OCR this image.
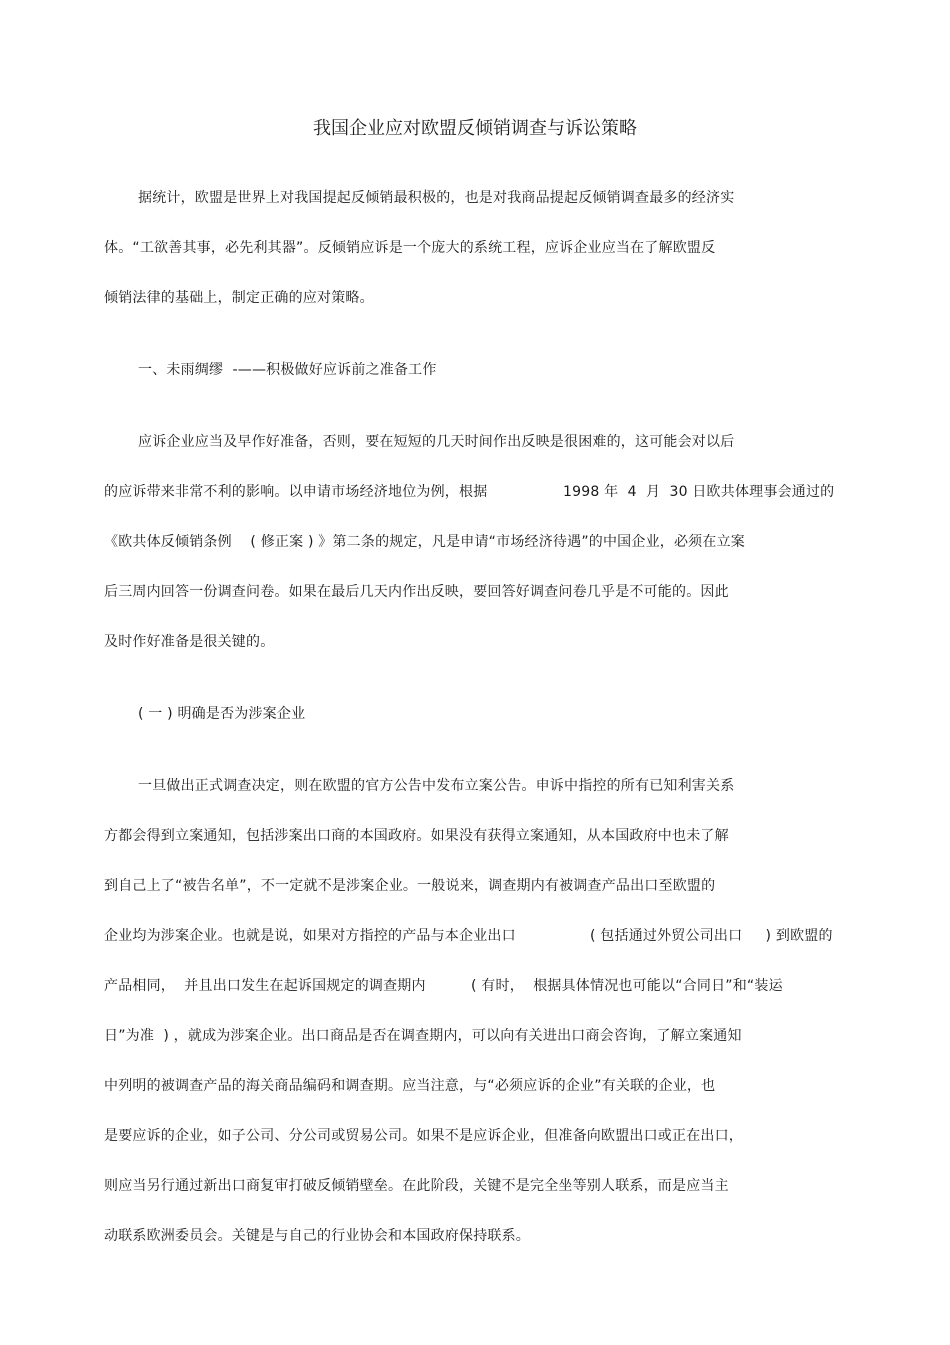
我国企业应对欧盟反倾销调查与诉讼策略
据统计，欧盟是世界上对我国提起反倾销最积极的，也是对我商品提起反倾销调查最多的经济实
体。“工欲善其事，必先利其器”。反倾销应诉是一个庞大的系统工程，应诉企业应当在了解欧盟反
倾销法律的基础上，制定正确的应对策略。
一、未雨绸缪  -——积极做好应诉前之准备工作
应诉企业应当及早作好准备，否则，要在短短的几天时间作出反映是很困难的，这可能会对以后
的应诉带来非常不利的影响。以申请市场经济地位为例，根据	1998 年  4  月  30 日欧共体理事会通过的
《欧共体反倾销条例    ( 修正案 ) 》第二条的规定，凡是申请“市场经济待遇”的中国企业，必须在立案
后三周内回答一份调查问卷。如果在最后几天内作出反映，要回答好调查问卷几乎是不可能的。因此
及时作好准备是很关键的。
( 一 ) 明确是否为涉案企业
一旦做出正式调查决定，则在欧盟的官方公告中发布立案公告。申诉中指控的所有已知利害关系
方都会得到立案通知，包括涉案出口商的本国政府。如果没有获得立案通知，从本国政府中也未了解
到自己上了“被告名单”，不一定就不是涉案企业。一般说来，调查期内有被调查产品出口至欧盟的
企业均为涉案企业。也就是说，如果对方指控的产品与本企业出口	( 包括通过外贸公司出口     ) 到欧盟的
产品相同，  并且出口发生在起诉国规定的调查期内	( 有时，  根据具体情况也可能以“合同日”和“装运
日”为准  ) ，就成为涉案企业。出口商品是否在调查期内，可以向有关进出口商会咨询，了解立案通知
中列明的被调查产品的海关商品编码和调查期。应当注意，与“必须应诉的企业”有关联的企业，也
是要应诉的企业，如子公司、分公司或贸易公司。如果不是应诉企业，但准备向欧盟出口或正在出口，
则应当另行通过新出口商复审打破反倾销壁垒。在此阶段，关键不是完全坐等别人联系，而是应当主
动联系欧洲委员会。关键是与自己的行业协会和本国政府保持联系。
